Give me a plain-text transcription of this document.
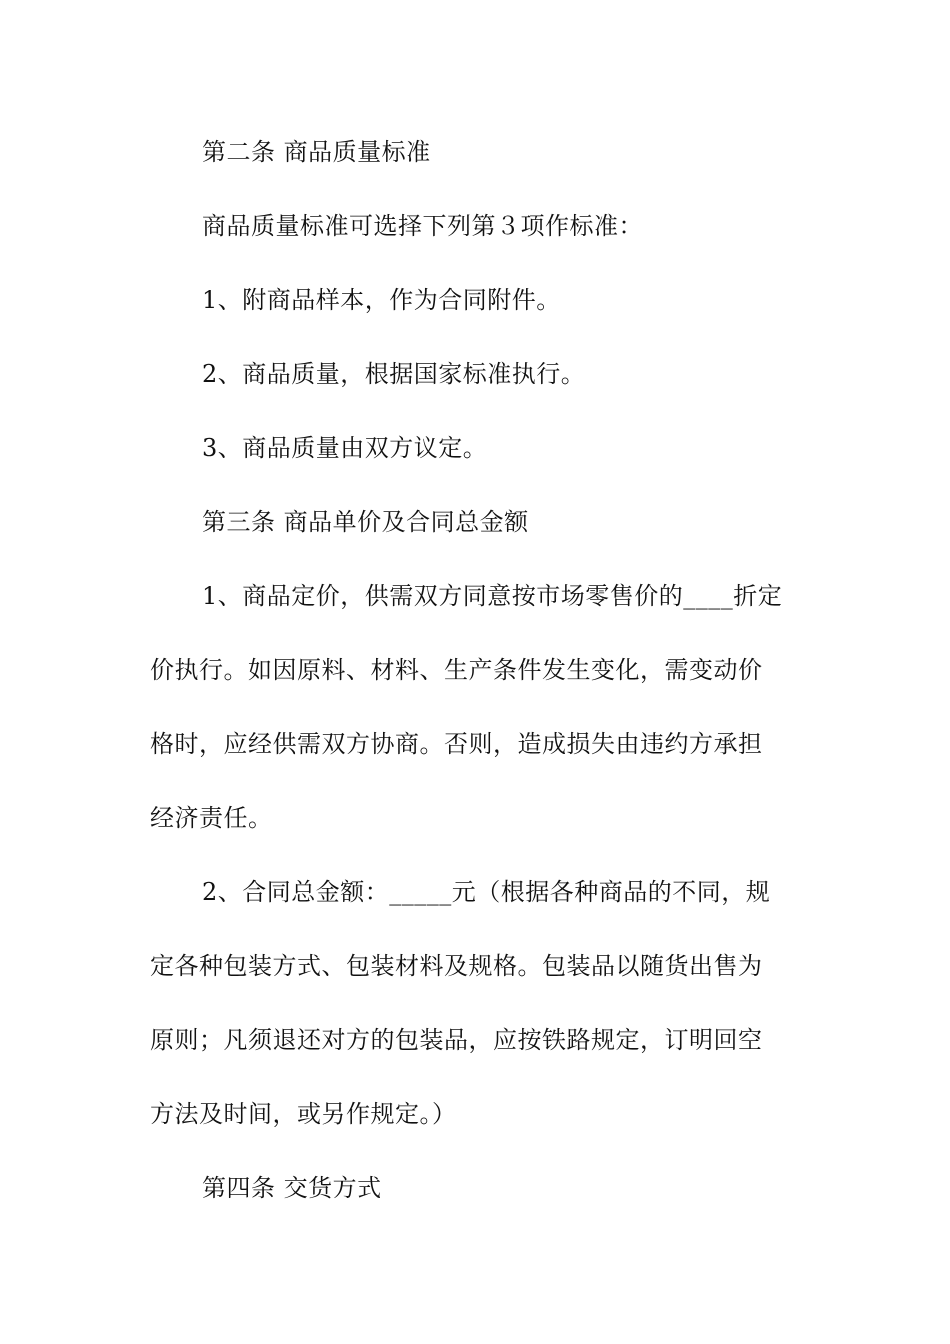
第二条 商品质量标准
商品质量标准可选择下列第３项作标准：
1、附商品样本，作为合同附件。
2、商品质量，根据国家标准执行。
3、商品质量由双方议定。
第三条 商品单价及合同总金额
1、商品定价，供需双方同意按市场零售价的____折定
价执行。如因原料、材料、生产条件发生变化，需变动价
格时，应经供需双方协商。否则，造成损失由违约方承担
经济责任。
2、合同总金额：_____元（根据各种商品的不同，规
定各种包装方式、包装材料及规格。包装品以随货出售为
原则；凡须退还对方的包装品，应按铁路规定，订明回空
方法及时间，或另作规定。）
第四条 交货方式
